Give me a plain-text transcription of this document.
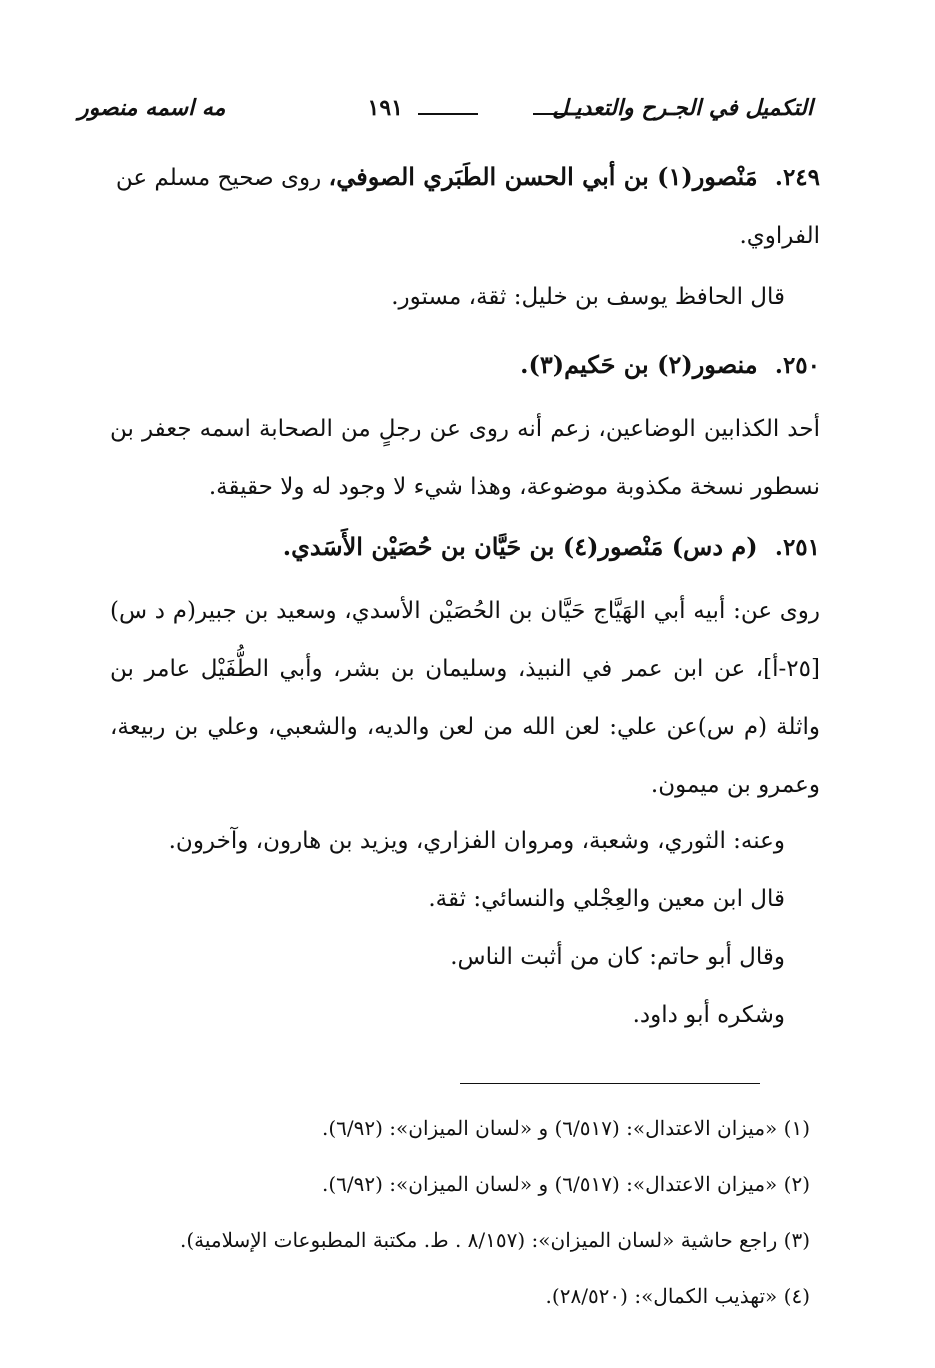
التكميل في الجـرح والتعديـل
١٩١
مه اسمه منصور
٢٤٩. مَنْصور(١) بن أبي الحسن الطَبَري الصوفي، روى صحيح مسلم عن
الفراوي.
قال الحافظ يوسف بن خليل: ثقة، مستور.
٢٥٠. منصور(٢) بن حَكيم(٣).
أحد الكذابين الوضاعين، زعم أنه روى عن رجلٍ من الصحابة اسمه جعفر بن نسطور نسخة مكذوبة موضوعة، وهذا شيء لا وجود له ولا حقيقة.
٢٥١. (م دس) مَنْصور(٤) بن حَيَّان بن حُصَيْن الأَسَدي.
روى عن: أبيه أبي الهَيَّاج حَيَّان بن الحُصَيْن الأسدي، وسعيد بن جبير(م د س)[٢٥-أ]، عن ابن عمر في النبيذ، وسليمان بن بشر، وأبي الطُّفَيْل عامر بن واثلة (م س)عن علي: لعن الله من لعن والديه، والشعبي، وعلي بن ربيعة، وعمرو بن ميمون.
وعنه: الثوري، وشعبة، ومروان الفزاري، ويزيد بن هارون، وآخرون.
قال ابن معين والعِجْلي والنسائي: ثقة.
وقال أبو حاتم: كان من أثبت الناس.
وشكره أبو داود.
(١) «ميزان الاعتدال»: (٦/٥١٧) و «لسان الميزان»: (٦/٩٢).
(٢) «ميزان الاعتدال»: (٦/٥١٧) و «لسان الميزان»: (٦/٩٢).
(٣) راجع حاشية «لسان الميزان»: (٨/١٥٧ . ط. مكتبة المطبوعات الإسلامية).
(٤) «تهذيب الكمال»: (٢٨/٥٢٠).
